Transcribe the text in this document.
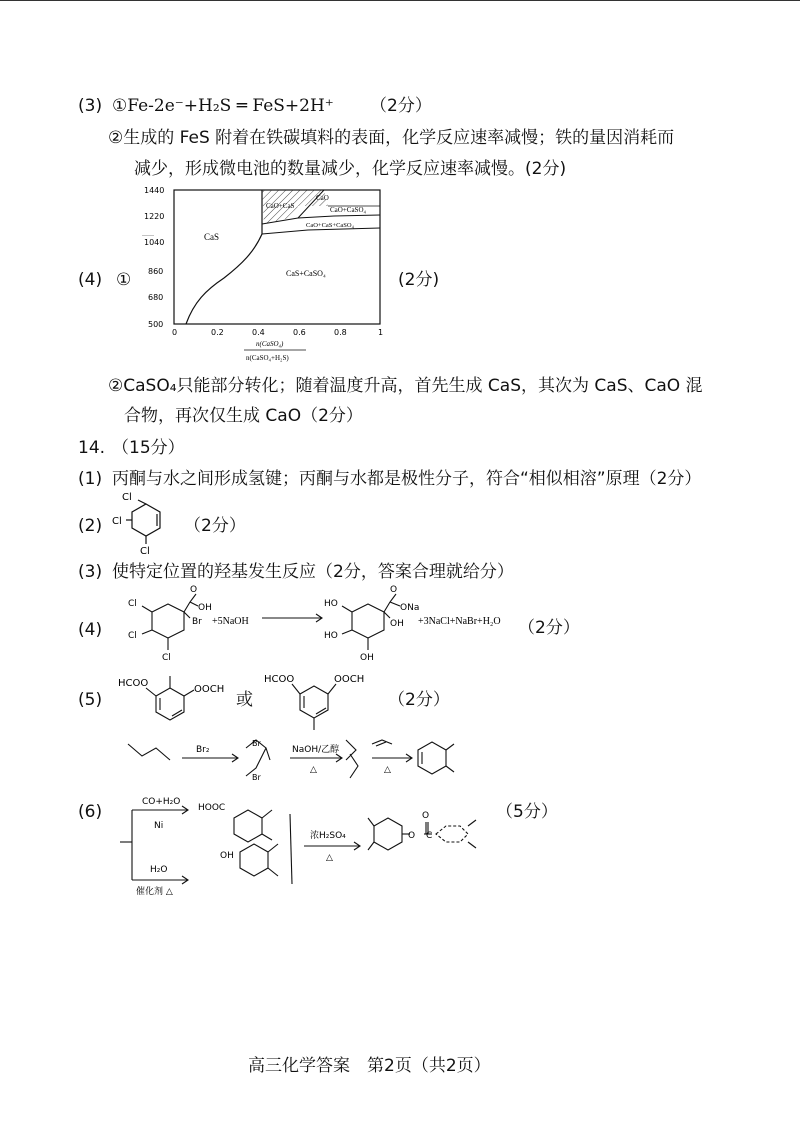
(3) ①Fe-2e⁻+H₂S ═ FeS+2H⁺ （2分）
②生成的 FeS 附着在铁碳填料的表面，化学反应速率减慢；铁的量因消耗而
减少，形成微电池的数量减少，化学反应速率减慢。(2分)
(4) ①	(2分)
CaS
CaS+CaSO₄
CaO+CaS
CaO
CaO+CaSO₄
CaO+CaS+CaSO₄
1440
1220
1040
860
680
500
……
0	0.2	0.4	0.6	0.8	1
n(CaSO₄)
n(CaSO₄+H₂S)
②CaSO₄只能部分转化；随着温度升高，首先生成 CaS，其次为 CaS、CaO 混
合物，再次仅生成 CaO（2分）
14. （15分）
(1) 丙酮与水之间形成氢键；丙酮与水都是极性分子，符合“相似相溶”原理（2分）
(2)
Cl
Cl
Cl
（2分）
(3) 使特定位置的羟基发生反应（2分，答案合理就给分）
(4)
Cl
Cl
Cl
O
OH
Br
HO
HO
OH
O
ONa
OH
+5NaOH	+3NaCl+NaBr+H₂O （2分）
(5)
HCOO
OOCH
或
HCOO	OOCH
（2分）
Br₂
Br
Br
NaOH/乙醇
△	△
(6)	CO+H₂O
Ni
H₂O
催化剂 △
HOOC
OH
浓H₂SO₄
△
O
O
C
（5分）
高三化学答案　第2页（共2页）
